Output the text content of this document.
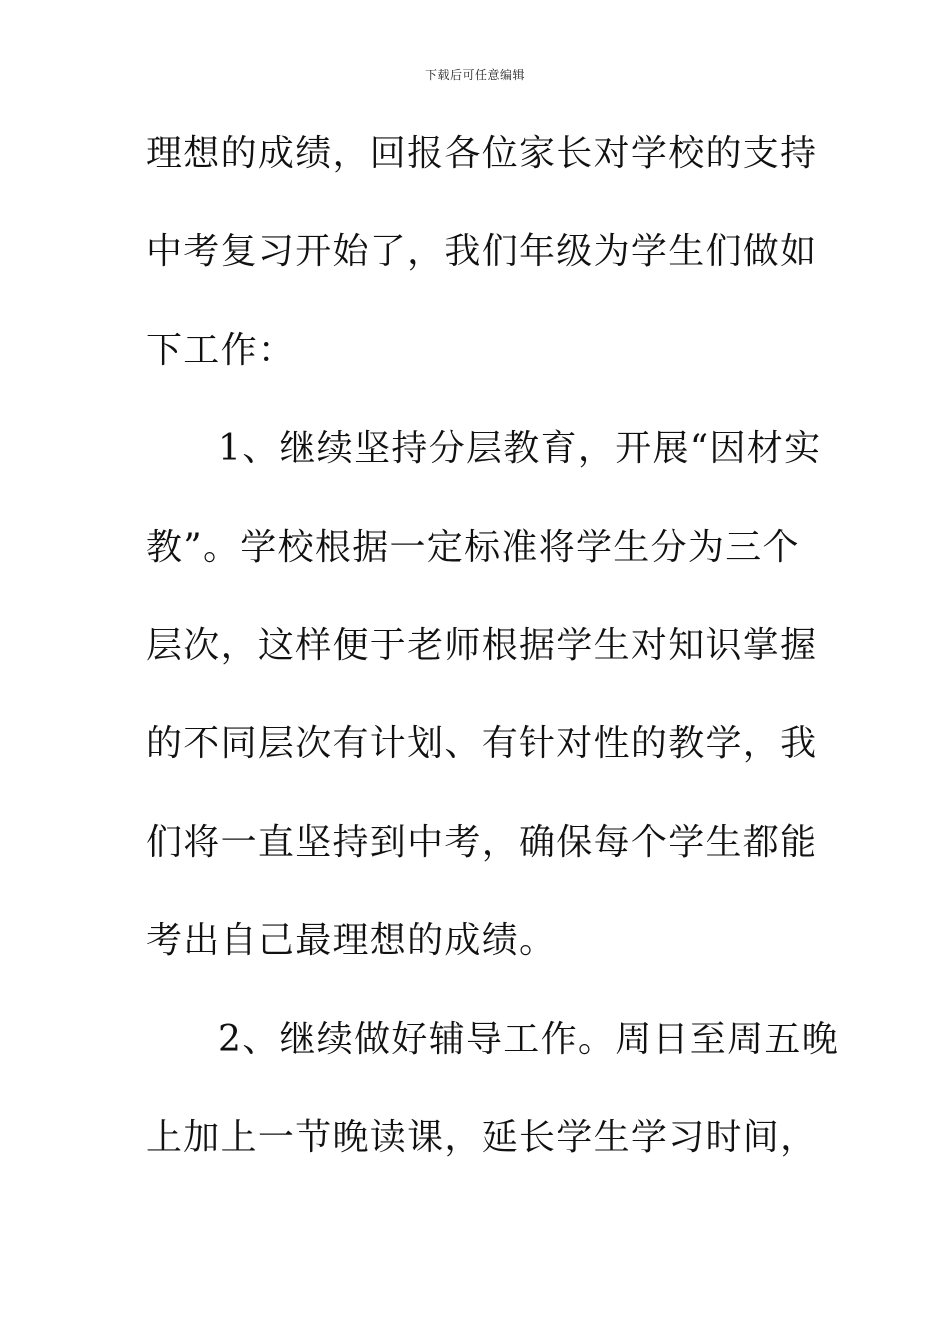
下载后可任意编辑
理想的成绩，回报各位家长对学校的支持
中考复习开始了，我们年级为学生们做如
下工作：
1、继续坚持分层教育，开展“因材实
教”。学校根据一定标准将学生分为三个
层次，这样便于老师根据学生对知识掌握
的不同层次有计划、有针对性的教学，我
们将一直坚持到中考，确保每个学生都能
考出自己最理想的成绩。
2、继续做好辅导工作。周日至周五晚
上加上一节晚读课，延长学生学习时间，
